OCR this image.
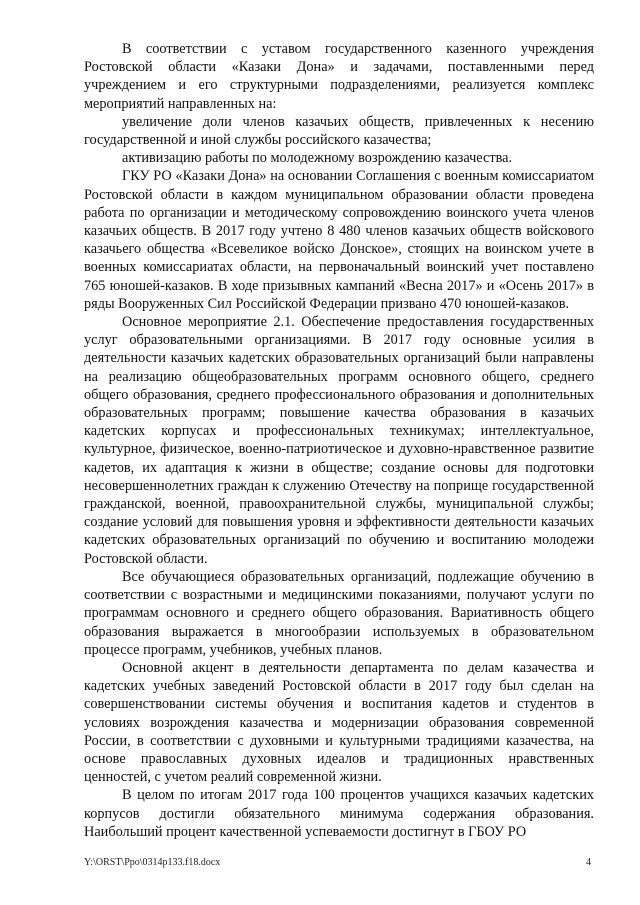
В соответствии с уставом государственного казенного учреждения Ростовской области «Казаки Дона» и задачами, поставленными перед учреждением и его структурными подразделениями, реализуется комплекс мероприятий направленных на:

увеличение доли членов казачьих обществ, привлеченных к несению государственной и иной службы российского казачества;

активизацию работы по молодежному возрождению казачества.

ГКУ РО «Казаки Дона» на основании Соглашения с военным комиссариатом Ростовской области в каждом муниципальном образовании области проведена работа по организации и методическому сопровождению воинского учета членов казачьих обществ. В 2017 году учтено 8 480 членов казачьих обществ войскового казачьего общества «Всевеликое войско Донское», стоящих на воинском учете в военных комиссариатах области, на первоначальный воинский учет поставлено 765 юношей-казаков. В ходе призывных кампаний «Весна 2017» и «Осень 2017» в ряды Вооруженных Сил Российской Федерации призвано 470 юношей-казаков.

Основное мероприятие 2.1. Обеспечение предоставления государственных услуг образовательными организациями. В 2017 году основные усилия в деятельности казачьих кадетских образовательных организаций были направлены на реализацию общеобразовательных программ основного общего, среднего общего образования, среднего профессионального образования и дополнительных образовательных программ; повышение качества образования в казачьих кадетских корпусах и профессиональных техникумах; интеллектуальное, культурное, физическое, военно-патриотическое и духовно-нравственное развитие кадетов, их адаптация к жизни в обществе; создание основы для подготовки несовершеннолетних граждан к служению Отечеству на поприще государственной гражданской, военной, правоохранительной службы, муниципальной службы; создание условий для повышения уровня и эффективности деятельности казачьих кадетских образовательных организаций по обучению и воспитанию молодежи Ростовской области.

Все обучающиеся образовательных организаций, подлежащие обучению в соответствии с возрастными и медицинскими показаниями, получают услуги по программам основного и среднего общего образования. Вариативность общего образования выражается в многообразии используемых в образовательном процессе программ, учебников, учебных планов.

Основной акцент в деятельности департамента по делам казачества и кадетских учебных заведений Ростовской области в 2017 году был сделан на совершенствовании системы обучения и воспитания кадетов и студентов в условиях возрождения казачества и модернизации образования современной России, в соответствии с духовными и культурными традициями казачества, на основе православных духовных идеалов и традиционных нравственных ценностей, с учетом реалий современной жизни.

В целом по итогам 2017 года 100 процентов учащихся казачьих кадетских корпусов достигли обязательного минимума содержания образования. Наибольший процент качественной успеваемости достигнут в ГБОУ РО

Y:\ORST\Ppo\0314p133.f18.docx	4
